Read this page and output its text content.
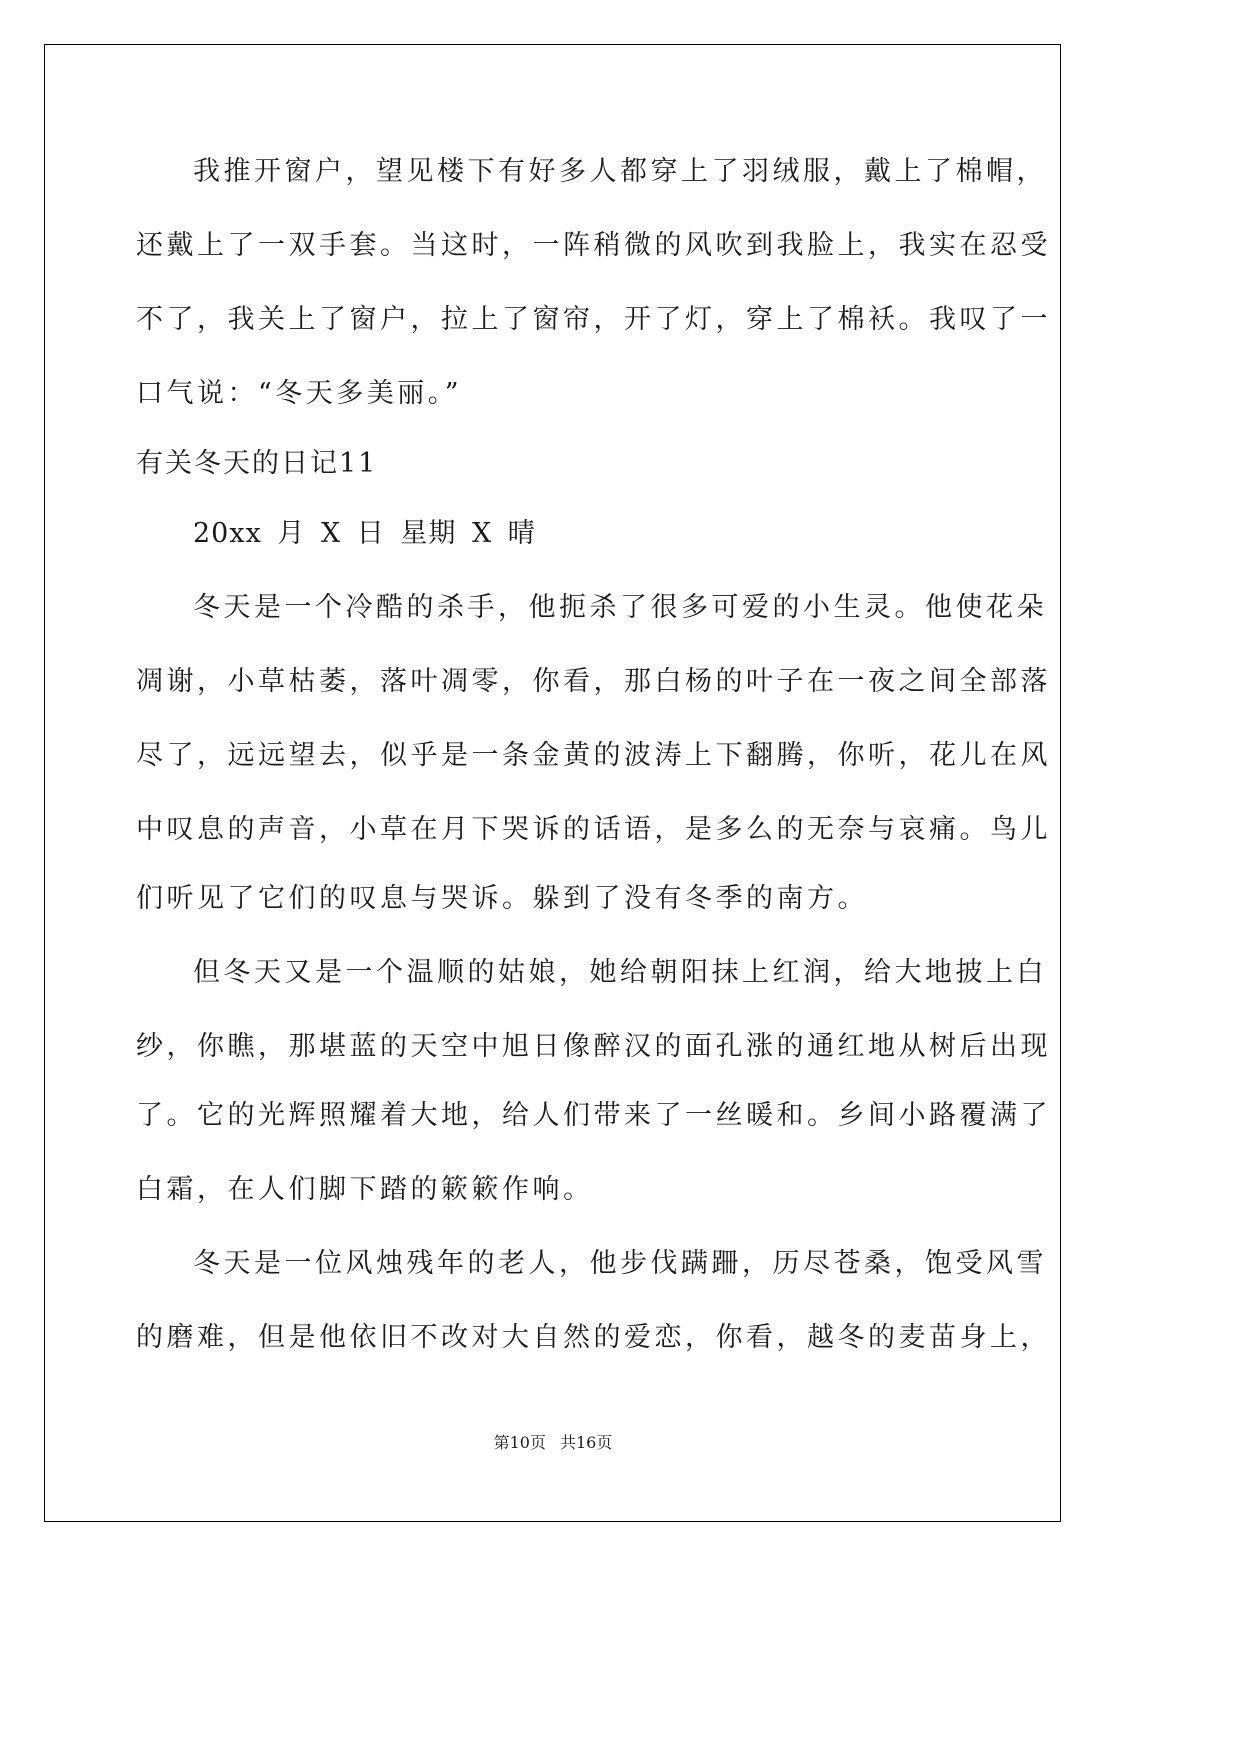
我推开窗户，望见楼下有好多人都穿上了羽绒服，戴上了棉帽，
还戴上了一双手套。当这时，一阵稍微的风吹到我脸上，我实在忍受
不了，我关上了窗户，拉上了窗帘，开了灯，穿上了棉袄。我叹了一
口气说：“冬天多美丽。”
有关冬天的日记11
20xx 月 X 日 星期 X 晴
冬天是一个冷酷的杀手，他扼杀了很多可爱的小生灵。他使花朵
凋谢，小草枯萎，落叶凋零，你看，那白杨的叶子在一夜之间全部落
尽了，远远望去，似乎是一条金黄的波涛上下翻腾，你听，花儿在风
中叹息的声音，小草在月下哭诉的话语，是多么的无奈与哀痛。鸟儿
们听见了它们的叹息与哭诉。躲到了没有冬季的南方。
但冬天又是一个温顺的姑娘，她给朝阳抹上红润，给大地披上白
纱，你瞧，那堪蓝的天空中旭日像醉汉的面孔涨的通红地从树后出现
了。它的光辉照耀着大地，给人们带来了一丝暖和。乡间小路覆满了
白霜，在人们脚下踏的簌簌作响。
冬天是一位风烛残年的老人，他步伐蹒跚，历尽苍桑，饱受风雪
的磨难，但是他依旧不改对大自然的爱恋，你看，越冬的麦苗身上，
第10页 共16页
